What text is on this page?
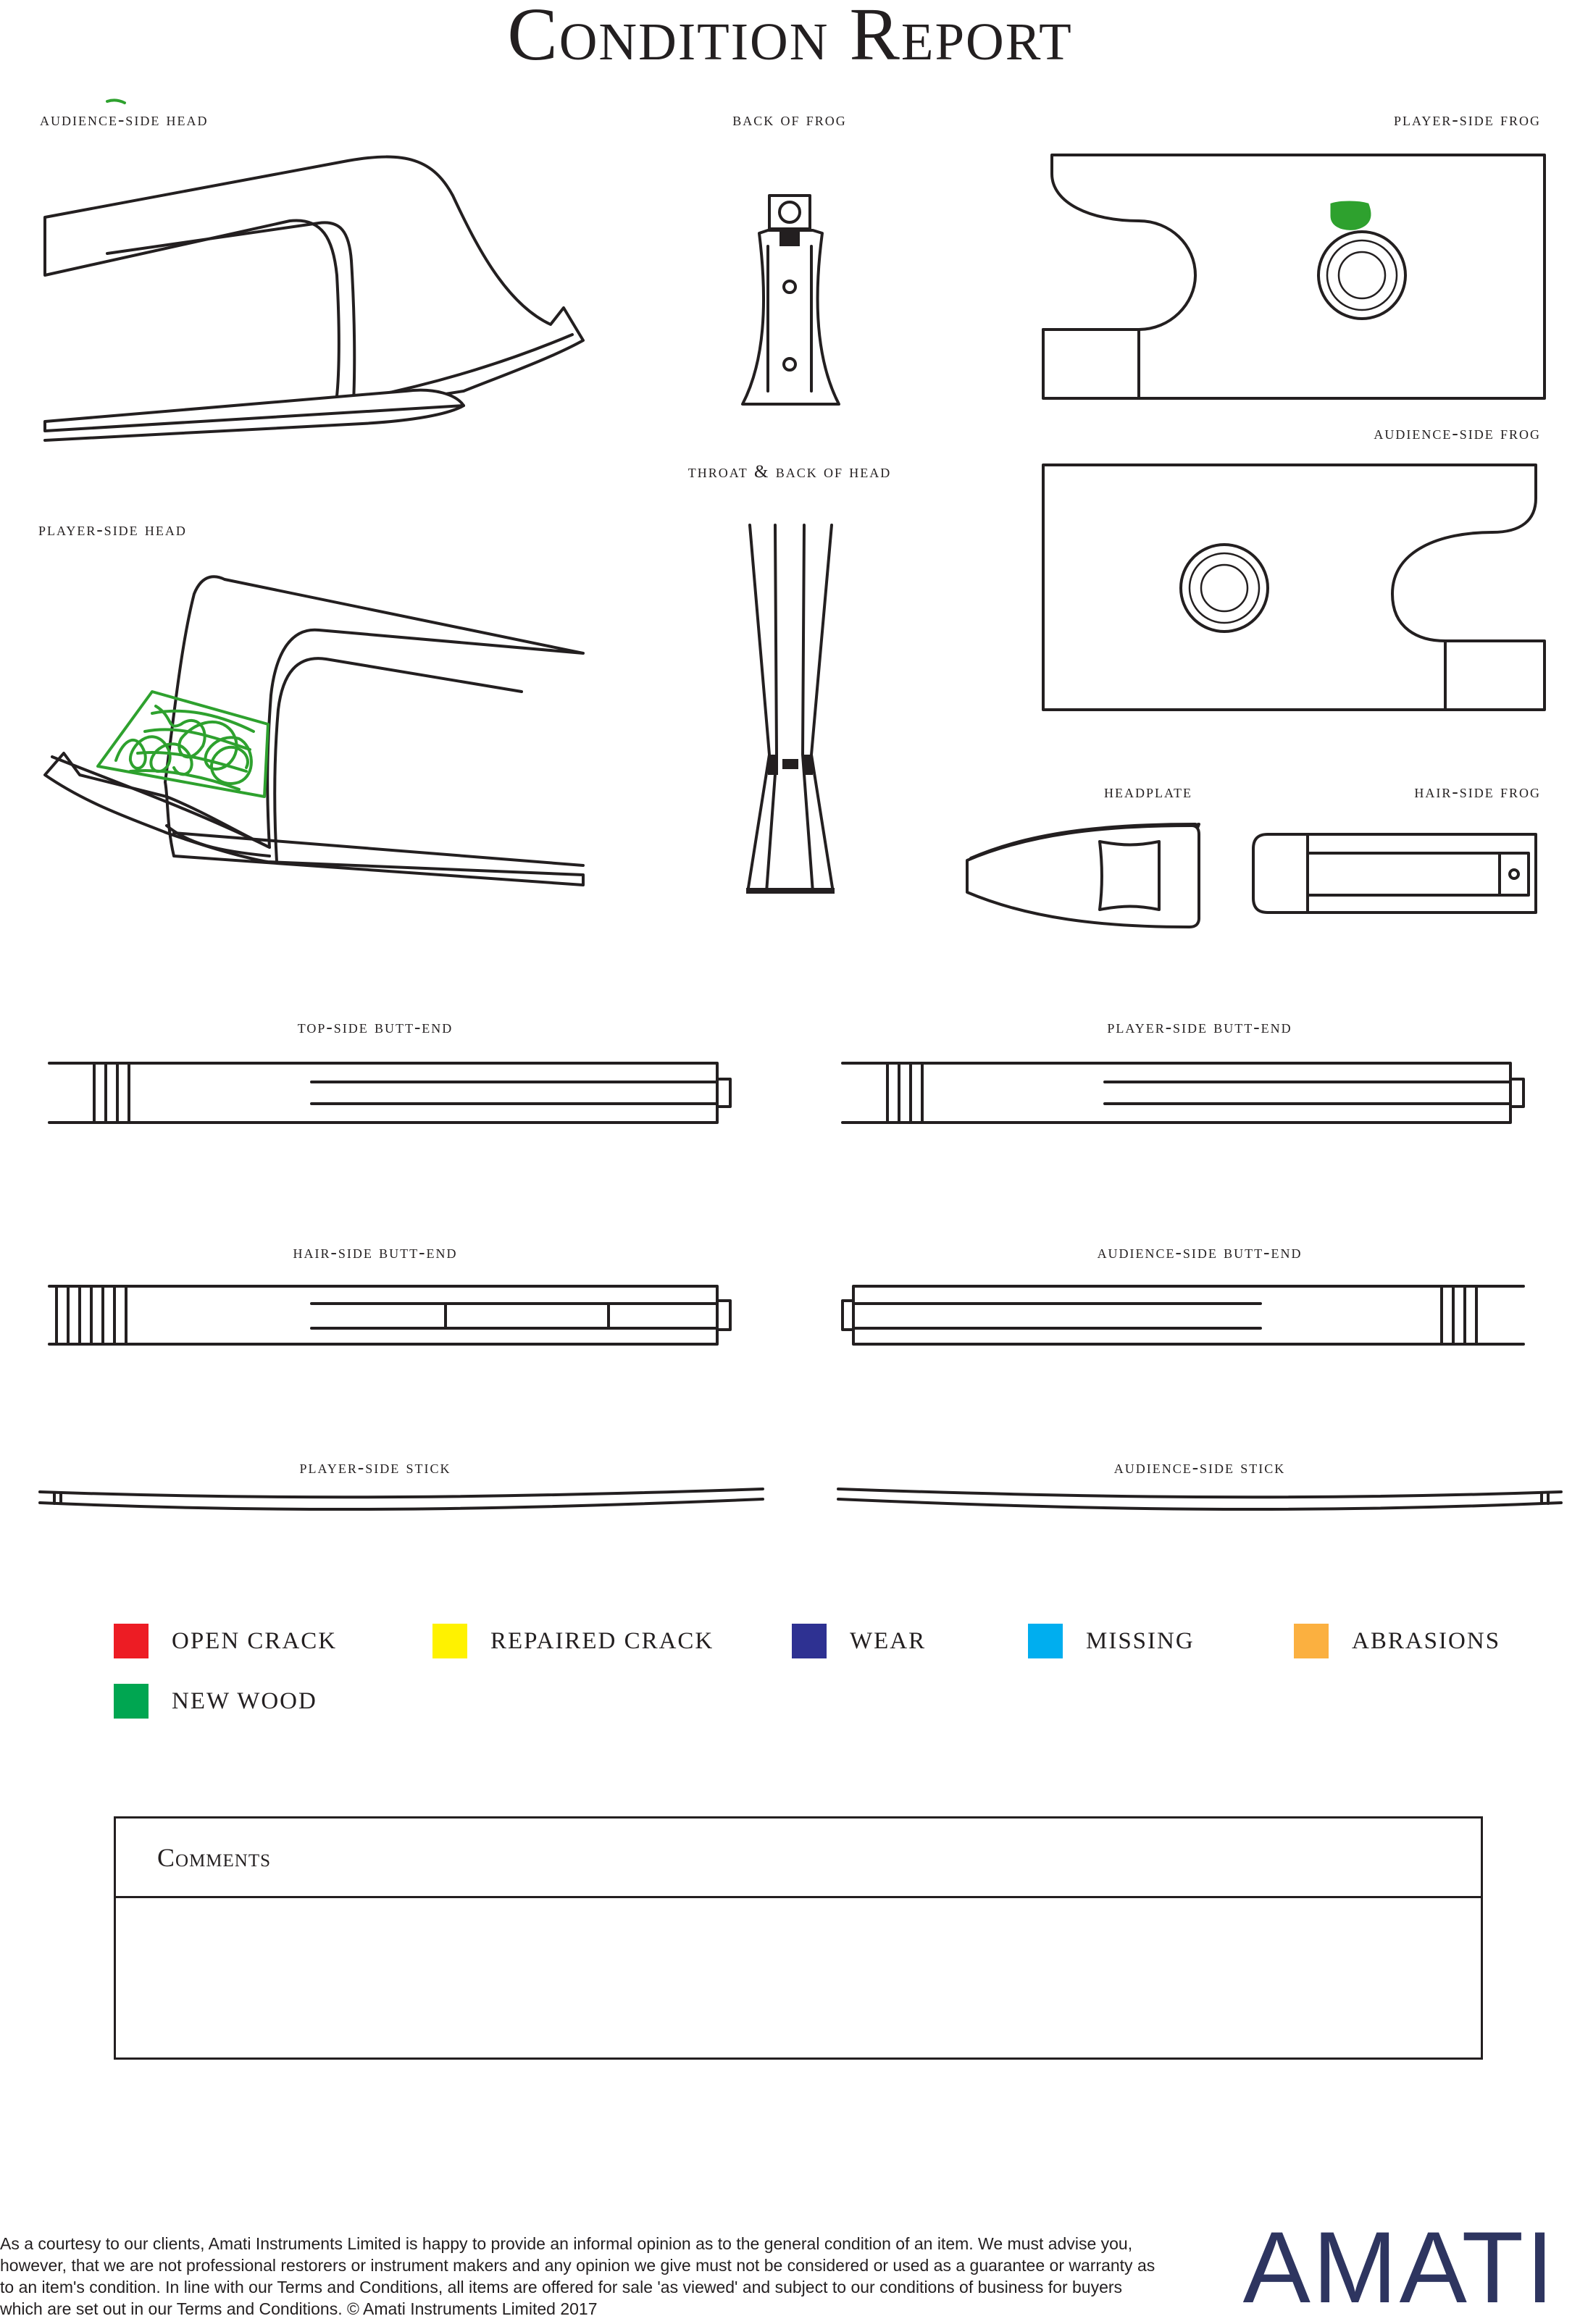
Condition Report
audience-side head	back of frog	player-side frog
audience-side frog
throat & back of head
player-side head
headplate	hair-side frog
top-side butt-end	player-side butt-end
hair-side butt-end	audience-side butt-end
player-side stick	audience-side stick
OPEN CRACK	REPAIRED CRACK	WEAR	MISSING	ABRASIONS
NEW WOOD
Comments
As a courtesy to our clients, Amati Instruments Limited is happy to provide an informal opinion as to the general condition of an item. We must advise you, however, that we are not professional restorers or instrument makers and any opinion we give must not be considered or used as a guarantee or warranty as to an item's condition. In line with our Terms and Conditions, all items are offered for sale 'as viewed' and subject to our conditions of business for buyers which are set out in our Terms and Conditions. © Amati Instruments Limited 2017	AMATI
